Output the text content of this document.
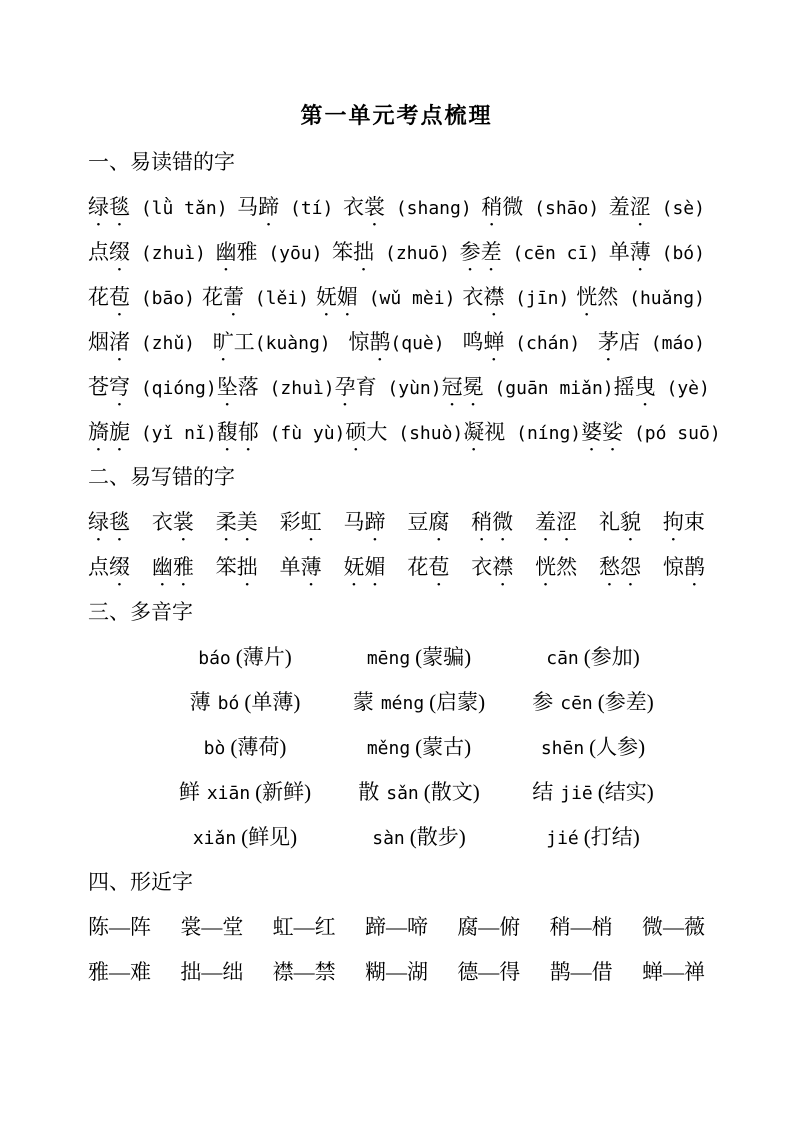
第一单元考点梳理
一、易读错的字
绿毯 (lǜ tǎn) 马蹄 (tí) 衣裳 (shang) 稍微 (shāo) 羞涩 (sè)
点缀 (zhuì) 幽雅 (yōu) 笨拙 (zhuō) 参差 (cēn cī) 单薄 (bó)
花苞 (bāo) 花蕾 (lěi) 妩媚 (wǔ mèi) 衣襟 (jīn) 恍然 (huǎng)
烟渚 (zhǔ) 旷工(kuàng) 惊鹊(què) 鸣蝉 (chán) 茅店 (máo)
苍穹 (qióng) 坠落 (zhuì) 孕育 (yùn) 冠冕 (guān miǎn) 摇曳 (yè)
旖旎 (yǐ nǐ) 馥郁 (fù yù) 硕大 (shuò) 凝视 (níng) 婆娑 (pó suō)
二、易写错的字
绿毯 衣裳 柔美 彩虹 马蹄 豆腐 稍微 羞涩 礼貌 拘束
点缀 幽雅 笨拙 单薄 妩媚 花苞 衣襟 恍然 愁怨 惊鹊
三、多音字
báo (薄片)
薄 bó (单薄)
bò (薄荷)
mēng (蒙骗)
蒙 méng (启蒙)
měng (蒙古)
cān (参加)
参 cēn (参差)
shēn (人参)
鲜 xiān (新鲜)
xiǎn (鲜见)
散 sǎn (散文)
sàn (散步)
结 jiē (结实)
jié (打结)
四、形近字
陈—阵 裳—堂 虹—红 蹄—啼 腐—俯 稍—梢 微—薇
雅—难 拙—绌 襟—禁 糊—湖 德—得 鹊—借 蝉—禅
